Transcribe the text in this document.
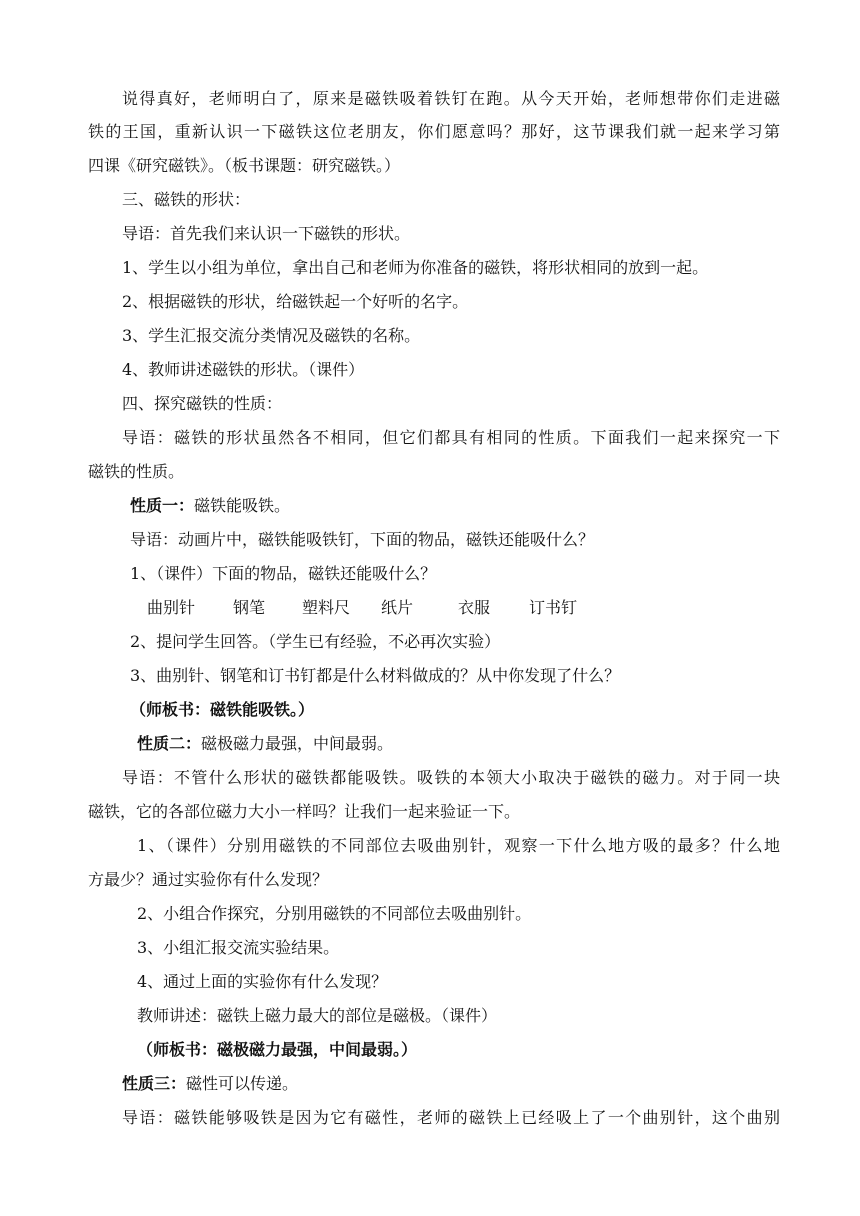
说得真好，老师明白了，原来是磁铁吸着铁钉在跑。从今天开始，老师想带你们走进磁
铁的王国，重新认识一下磁铁这位老朋友，你们愿意吗？那好，这节课我们就一起来学习第
四课《研究磁铁》。（板书课题：研究磁铁。）
三、磁铁的形状：
导语：首先我们来认识一下磁铁的形状。
1、学生以小组为单位，拿出自己和老师为你准备的磁铁，将形状相同的放到一起。
2、根据磁铁的形状，给磁铁起一个好听的名字。
3、学生汇报交流分类情况及磁铁的名称。
4、教师讲述磁铁的形状。（课件）
四、探究磁铁的性质：
导语：磁铁的形状虽然各不相同，但它们都具有相同的性质。下面我们一起来探究一下
磁铁的性质。
性质一：磁铁能吸铁。
导语：动画片中，磁铁能吸铁钉，下面的物品，磁铁还能吸什么？
1、（课件）下面的物品，磁铁还能吸什么？
曲别针 钢笔 塑料尺 纸片	衣服 订书钉
2、提问学生回答。（学生已有经验，不必再次实验）
3、曲别针、钢笔和订书钉都是什么材料做成的？从中你发现了什么？
（师板书：磁铁能吸铁。）
性质二：磁极磁力最强，中间最弱。
导语：不管什么形状的磁铁都能吸铁。吸铁的本领大小取决于磁铁的磁力。对于同一块
磁铁，它的各部位磁力大小一样吗？让我们一起来验证一下。
1、（课件）分别用磁铁的不同部位去吸曲别针，观察一下什么地方吸的最多？什么地
方最少？通过实验你有什么发现？
2、小组合作探究，分别用磁铁的不同部位去吸曲别针。
3、小组汇报交流实验结果。
4、通过上面的实验你有什么发现？
教师讲述：磁铁上磁力最大的部位是磁极。（课件）
（师板书：磁极磁力最强，中间最弱。）
性质三：磁性可以传递。
导语：磁铁能够吸铁是因为它有磁性，老师的磁铁上已经吸上了一个曲别针，这个曲别
